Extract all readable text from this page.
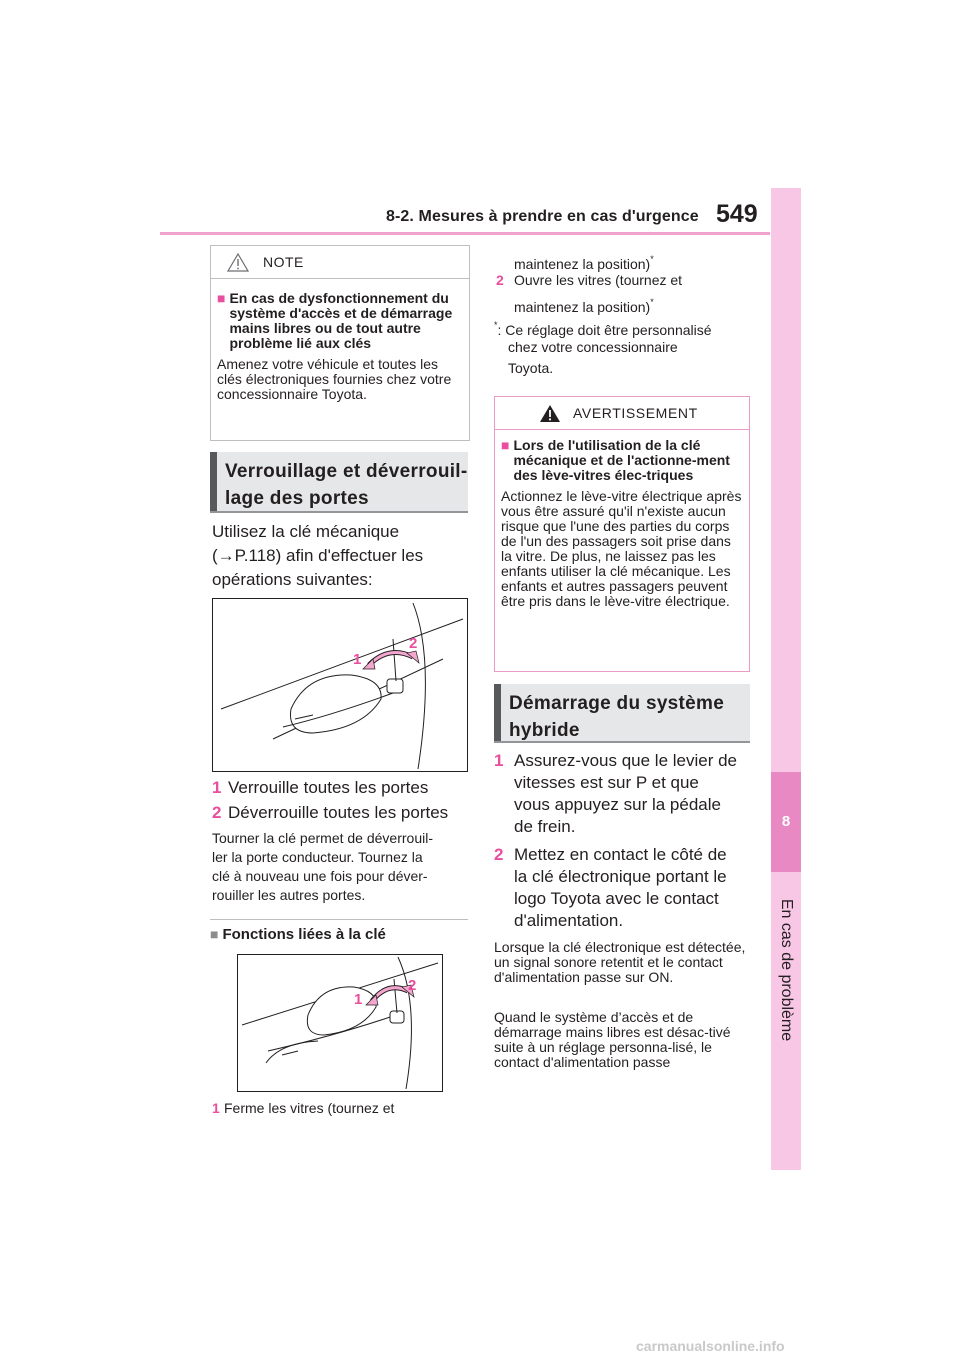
8-2. Mesures à prendre en cas d'urgence 549
8
En cas de problème
NOTE
■ En cas de dysfonctionnement du système d'accès et de démarrage mains libres ou de tout autre problème lié aux clés
Amenez votre véhicule et toutes les clés électroniques fournies chez votre concessionnaire Toyota.
Verrouillage et déverrouil-
lage des portes
Utilisez la clé mécanique
(→P.118) afin d'effectuer les
opérations suivantes:
1
2
1 Verrouille toutes les portes
2 Déverrouille toutes les portes
Tourner la clé permet de déverrouil-
ler la porte conducteur. Tournez la
clé à nouveau une fois pour déver-
rouiller les autres portes.
■ Fonctions liées à la clé
1
2
1 Ferme les vitres (tournez et
maintenez la position)*
2 Ouvre les vitres (tournez et
maintenez la position)*
*: Ce réglage doit être personnalisé
chez votre concessionnaire
Toyota.
AVERTISSEMENT
■ Lors de l'utilisation de la clé mécanique et de l'actionne-ment des lève-vitres élec-triques
Actionnez le lève-vitre électrique après vous être assuré qu'il n'existe aucun risque que l'une des parties du corps de l'un des passagers soit prise dans la vitre. De plus, ne laissez pas les enfants utiliser la clé mécanique. Les enfants et autres passagers peuvent être pris dans le lève-vitre électrique.
Démarrage du système
hybride
1 Assurez-vous que le levier de
vitesses est sur P et que
vous appuyez sur la pédale
de frein.
2 Mettez en contact le côté de
la clé électronique portant le
logo Toyota avec le contact
d'alimentation.
Lorsque la clé électronique est détectée, un signal sonore retentit et le contact d'alimentation passe sur ON.
Quand le système d’accès et de démarrage mains libres est désac-tivé suite à un réglage personna-lisé, le contact d'alimentation passe
carmanualsonline.info
